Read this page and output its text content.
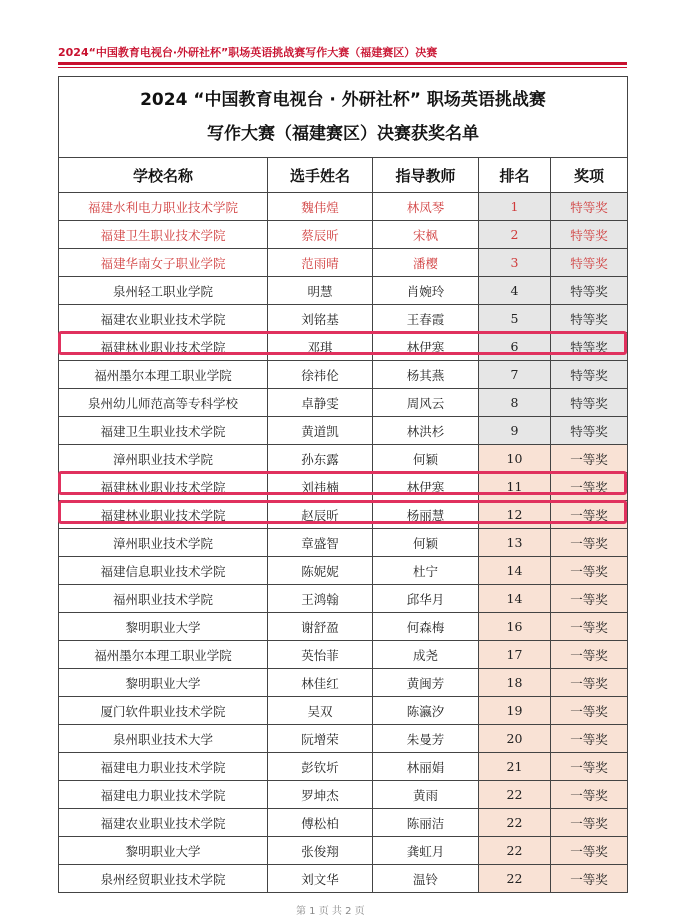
2024“中国教育电视台·外研社杯”职场英语挑战赛写作大赛（福建赛区）决赛
2024 “中国教育电视台 · 外研社杯” 职场英语挑战赛
写作大赛（福建赛区）决赛获奖名单				

学校名称	选手姓名	指导教师	排名	奖项
福建水利电力职业技术学院	魏伟煌	林凤琴	1	特等奖
福建卫生职业技术学院	蔡辰昕	宋枫	2	特等奖
福建华南女子职业学院	范雨晴	潘樱	3	特等奖
泉州轻工职业学院	明慧	肖婉玲	4	特等奖
福建农业职业技术学院	刘铭基	王春霞	5	特等奖
福建林业职业技术学院	邓琪	林伊寒	6	特等奖
福州墨尔本理工职业学院	徐祎伦	杨其燕	7	特等奖
泉州幼儿师范高等专科学校	卓静雯	周风云	8	特等奖
福建卫生职业技术学院	黄道凯	林洪杉	9	特等奖
漳州职业技术学院	孙东露	何颖	10	一等奖
福建林业职业技术学院	刘祎楠	林伊寒	11	一等奖
福建林业职业技术学院	赵辰昕	杨丽慧	12	一等奖
漳州职业技术学院	章盛智	何颖	13	一等奖
福建信息职业技术学院	陈妮妮	杜宁	14	一等奖
福州职业技术学院	王鸿翰	邱华月	14	一等奖
黎明职业大学	谢舒盈	何森梅	16	一等奖
福州墨尔本理工职业学院	英怡菲	成尧	17	一等奖
黎明职业大学	林佳红	黄闽芳	18	一等奖
厦门软件职业技术学院	吴双	陈瀛汐	19	一等奖
泉州职业技术大学	阮增荣	朱曼芳	20	一等奖
福建电力职业技术学院	彭钦圻	林丽娟	21	一等奖
福建电力职业技术学院	罗坤杰	黄雨	22	一等奖
福建农业职业技术学院	傅松柏	陈丽洁	22	一等奖
黎明职业大学	张俊翔	龚虹月	22	一等奖
泉州经贸职业技术学院	刘文华	温铃	22	一等奖
第 1 页 共 2 页
